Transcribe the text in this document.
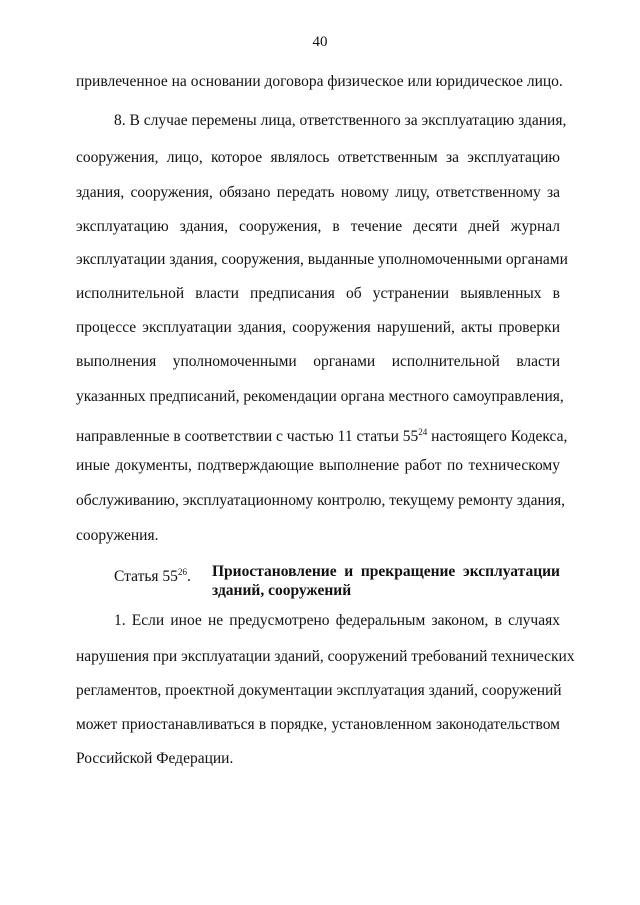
40
привлеченное на основании договора физическое или юридическое лицо.
8. В случае перемены лица, ответственного за эксплуатацию здания,
сооружения, лицо, которое являлось ответственным за эксплуатацию
здания, сооружения, обязано передать новому лицу, ответственному за
эксплуатацию здания, сооружения, в течение десяти дней журнал
эксплуатации здания, сооружения, выданные уполномоченными органами
исполнительной власти предписания об устранении выявленных в
процессе эксплуатации здания, сооружения нарушений, акты проверки
выполнения уполномоченными органами исполнительной власти
указанных предписаний, рекомендации органа местного самоуправления,
направленные в соответствии с частью 11 статьи $55^{24}$ настоящего Кодекса,
иные документы, подтверждающие выполнение работ по техническому
обслуживанию, эксплуатационному контролю, текущему ремонту здания,
сооружения.
Статья $55^{26}$. Приостановление и прекращение эксплуатации
зданий, сооружений
1. Если иное не предусмотрено федеральным законом, в случаях
нарушения при эксплуатации зданий, сооружений требований технических
регламентов, проектной документации эксплуатация зданий, сооружений
может приостанавливаться в порядке, установленном законодательством
Российской Федерации.
